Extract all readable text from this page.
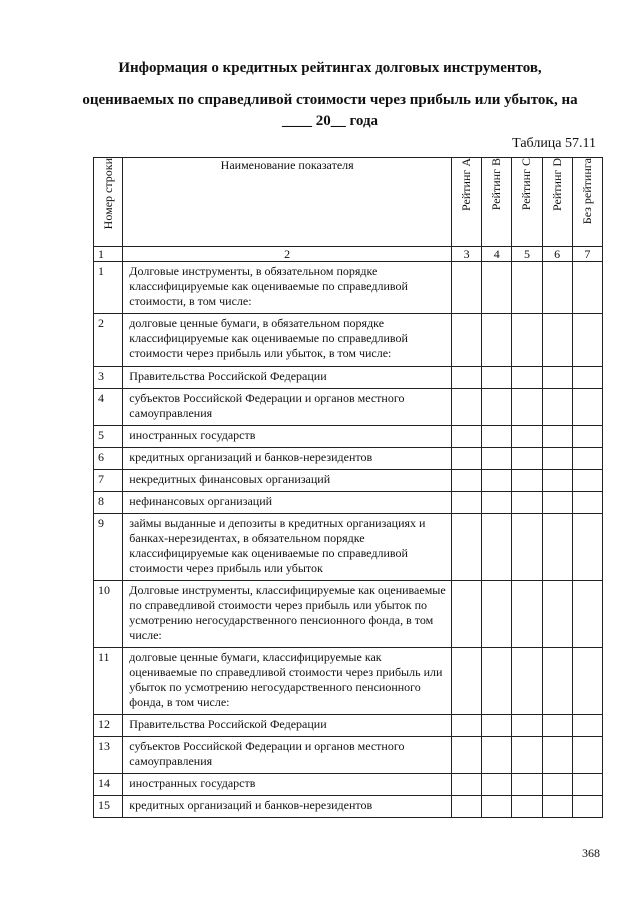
Информация о кредитных рейтингах долговых инструментов,
оцениваемых по справедливой стоимости через прибыль или убыток, на
____ 20__ года
Таблица 57.11
Номер строки	Наименование показателя	Рейтинг A	Рейтинг B	Рейтинг C	Рейтинг D	Без рейтинга

1	2	3	4	5	6	7
1	Долговые инструменты, в обязательном порядке классифицируемые как оцениваемые по справедливой стоимости, в том числе:					
2	долговые ценные бумаги, в обязательном порядке классифицируемые как оцениваемые по справедливой стоимости через прибыль или убыток, в том числе:					
3	Правительства Российской Федерации					
4	субъектов Российской Федерации и органов местного самоуправления					
5	иностранных государств					
6	кредитных организаций и банков-нерезидентов					
7	некредитных финансовых организаций					
8	нефинансовых организаций					
9	займы выданные и депозиты в кредитных организациях и банках-нерезидентах, в обязательном порядке классифицируемые как оцениваемые по справедливой стоимости через прибыль или убыток					
10	Долговые инструменты, классифицируемые как оцениваемые по справедливой стоимости через прибыль или убыток по усмотрению негосударственного пенсионного фонда, в том числе:					
11	долговые ценные бумаги, классифицируемые как оцениваемые по справедливой стоимости через прибыль или убыток по усмотрению негосударственного пенсионного фонда, в том числе:					
12	Правительства Российской Федерации					
13	субъектов Российской Федерации и органов местного самоуправления					
14	иностранных государств					
15	кредитных организаций и банков-нерезидентов					
368
